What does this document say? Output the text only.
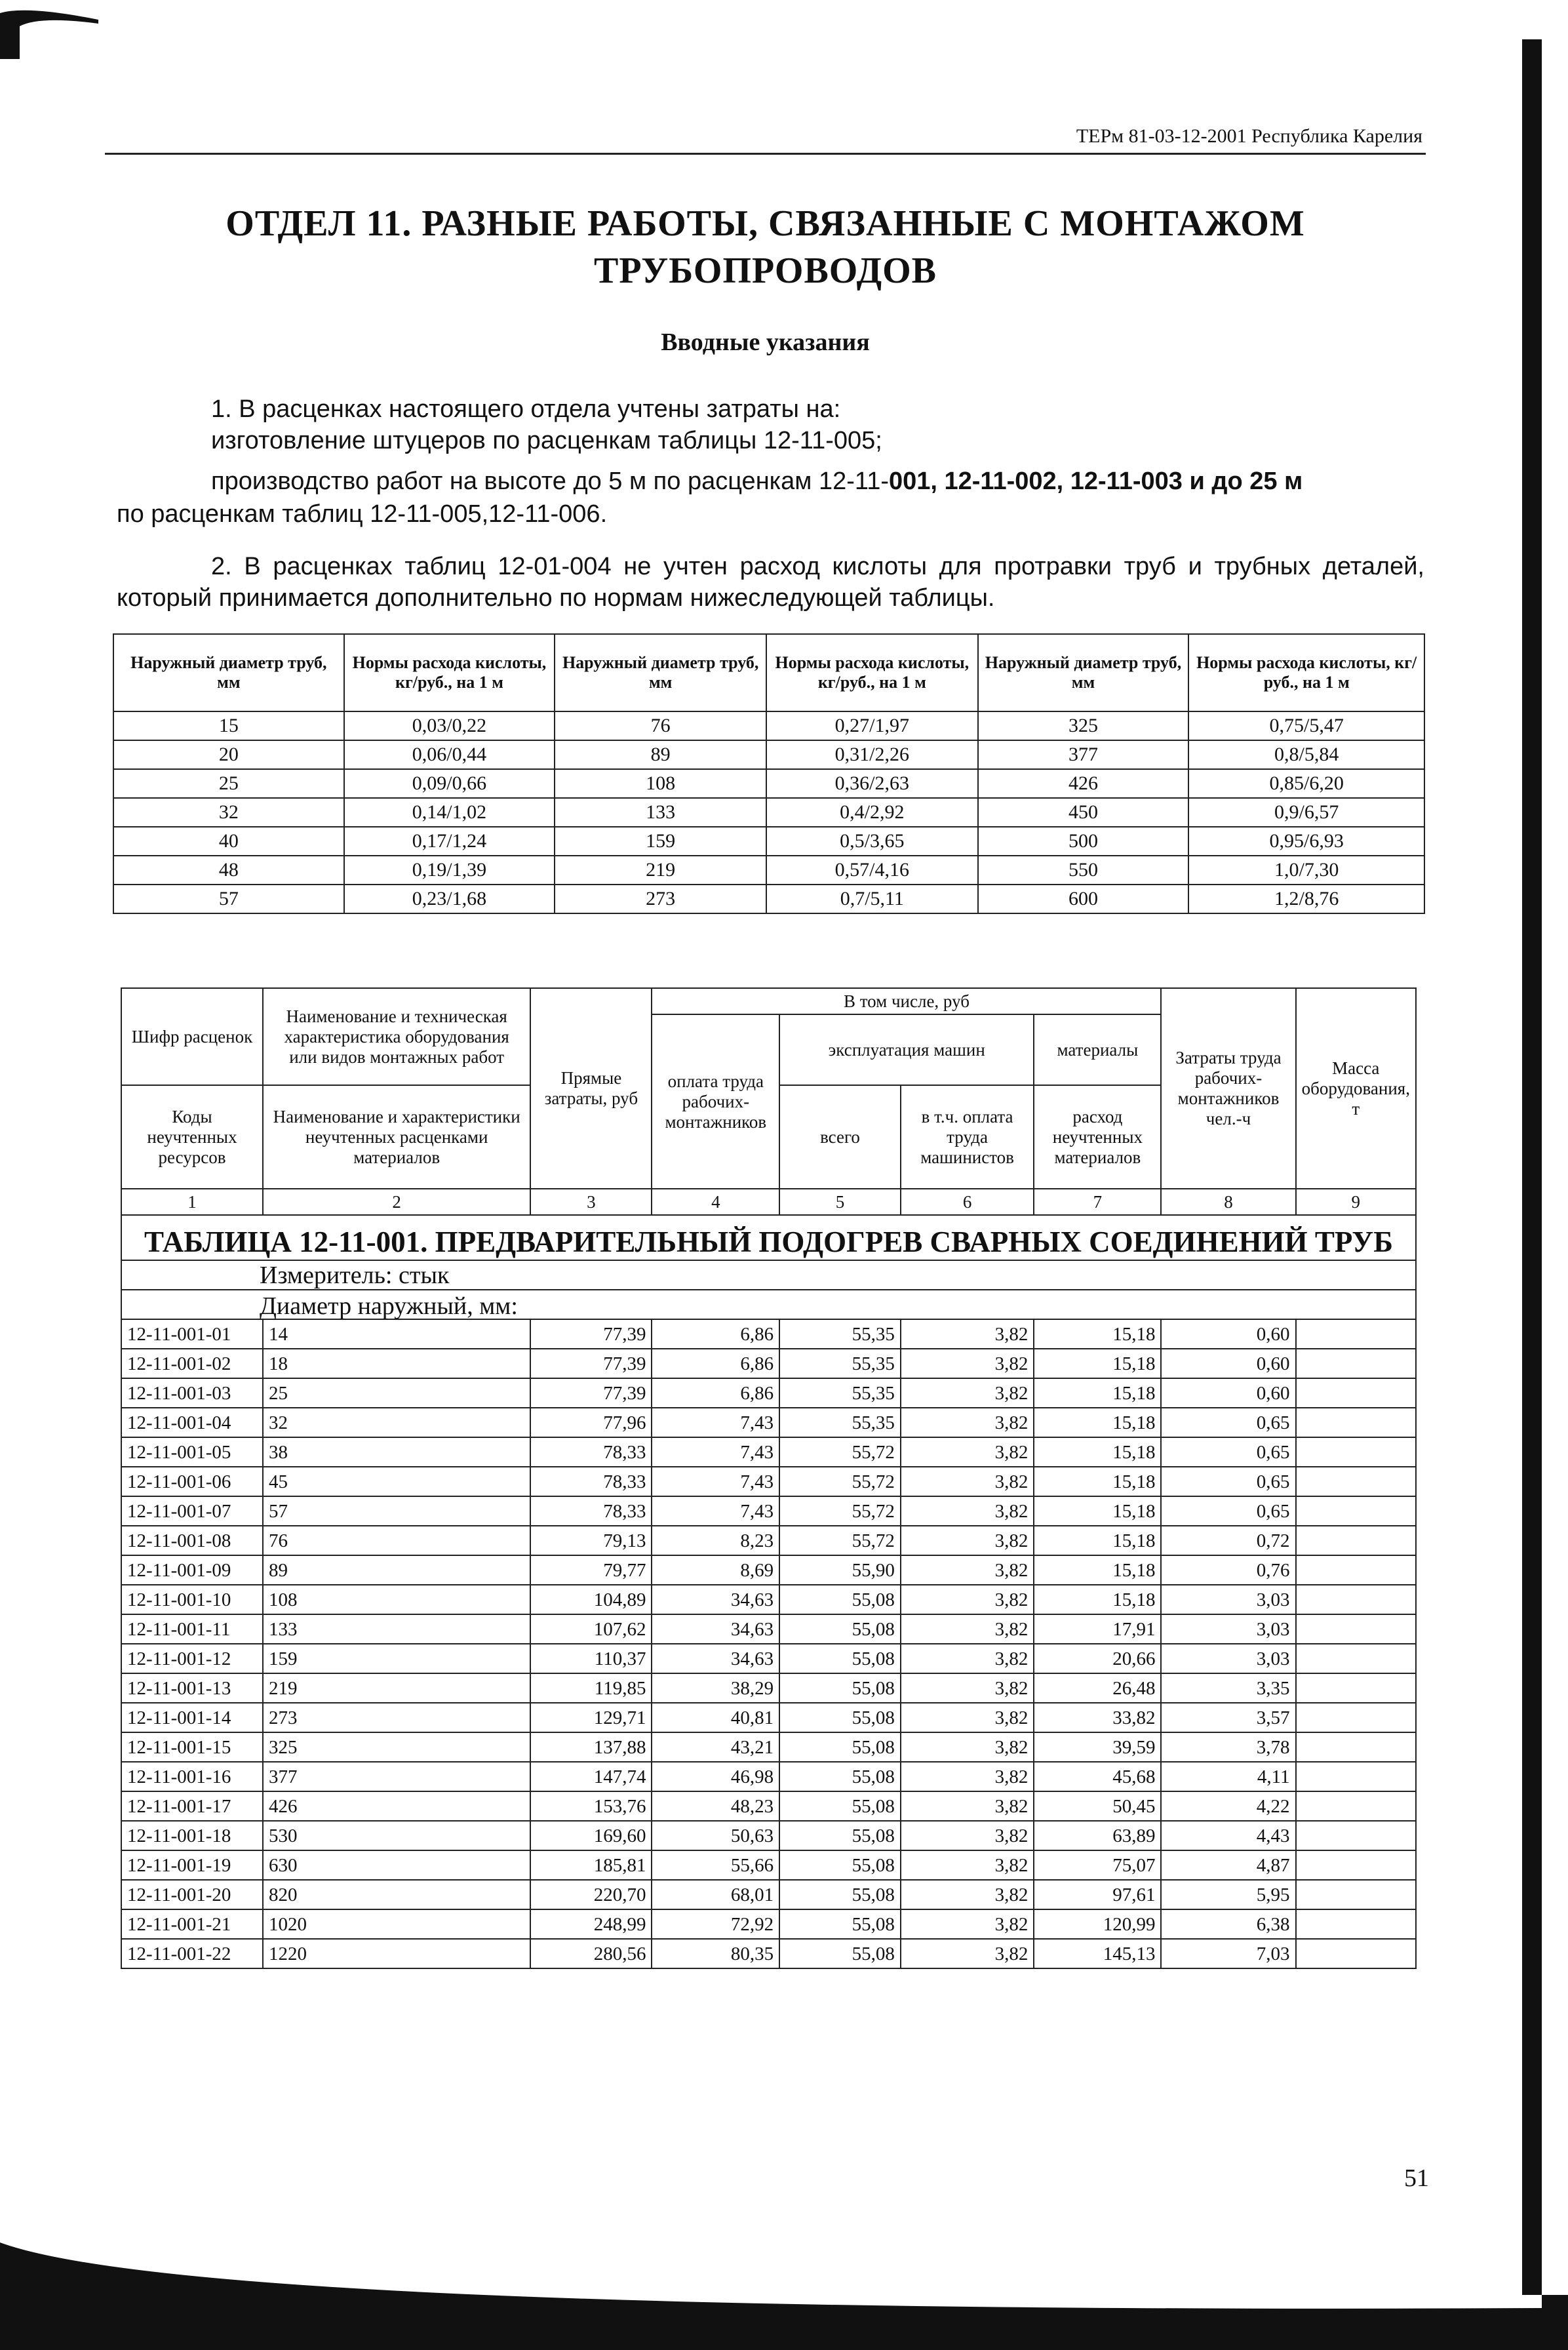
ТЕРм 81-03-12-2001 Республика Карелия
ОТДЕЛ 11. РАЗНЫЕ РАБОТЫ, СВЯЗАННЫЕ С МОНТАЖОМ
ТРУБОПРОВОДОВ
Вводные указания
1. В расценках настоящего отдела учтены затраты на:
изготовление штуцеров по расценкам таблицы 12-11-005;
производство работ на высоте до 5 м по расценкам 12-11-001, 12-11-002, 12-11-003 и до 25 м
по расценкам таблиц 12-11-005,12-11-006.
2. В расценках таблиц 12-01-004 не учтен расход кислоты для протравки труб и трубных деталей, который принимается дополнительно по нормам нижеследующей таблицы.
Наружный диаметр труб, мм	Нормы расхода кислоты, кг/руб., на 1 м	Наружный диаметр труб, мм	Нормы расхода кислоты, кг/руб., на 1 м	Наружный диаметр труб, мм	Нормы расхода кислоты, кг/руб., на 1 м
15	0,03/0,22	76	0,27/1,97	325	0,75/5,47
20	0,06/0,44	89	0,31/2,26	377	0,8/5,84
25	0,09/0,66	108	0,36/2,63	426	0,85/6,20
32	0,14/1,02	133	0,4/2,92	450	0,9/6,57
40	0,17/1,24	159	0,5/3,65	500	0,95/6,93
48	0,19/1,39	219	0,57/4,16	550	1,0/7,30
57	0,23/1,68	273	0,7/5,11	600	1,2/8,76
Шифр расценок	Наименование и техническая характеристика оборудования или видов монтажных работ	Прямые затраты, руб	В том числе, руб				Затраты труда рабочих-монтажников чел.-ч	Масса оборудования, т
			оплата труда рабочих-монтажников	эксплуатация машин		материалы		
Коды неучтенных ресурсов	Наименование и характеристики неучтенных расценками материалов			всего	в т.ч. оплата труда машинистов	расход неучтенных материалов		

1	2	3	4	5	6	7	8	9
ТАБЛИЦА 12-11-001. ПРЕДВАРИТЕЛЬНЫЙ ПОДОГРЕВ СВАРНЫХ СОЕДИНЕНИЙ ТРУБ								
Измеритель: стык								
Диаметр наружный, мм:								
12-11-001-01	14	77,39	6,86	55,35	3,82	15,18	0,60	
12-11-001-02	18	77,39	6,86	55,35	3,82	15,18	0,60	
12-11-001-03	25	77,39	6,86	55,35	3,82	15,18	0,60	
12-11-001-04	32	77,96	7,43	55,35	3,82	15,18	0,65	
12-11-001-05	38	78,33	7,43	55,72	3,82	15,18	0,65	
12-11-001-06	45	78,33	7,43	55,72	3,82	15,18	0,65	
12-11-001-07	57	78,33	7,43	55,72	3,82	15,18	0,65	
12-11-001-08	76	79,13	8,23	55,72	3,82	15,18	0,72	
12-11-001-09	89	79,77	8,69	55,90	3,82	15,18	0,76	
12-11-001-10	108	104,89	34,63	55,08	3,82	15,18	3,03	
12-11-001-11	133	107,62	34,63	55,08	3,82	17,91	3,03	
12-11-001-12	159	110,37	34,63	55,08	3,82	20,66	3,03	
12-11-001-13	219	119,85	38,29	55,08	3,82	26,48	3,35	
12-11-001-14	273	129,71	40,81	55,08	3,82	33,82	3,57	
12-11-001-15	325	137,88	43,21	55,08	3,82	39,59	3,78	
12-11-001-16	377	147,74	46,98	55,08	3,82	45,68	4,11	
12-11-001-17	426	153,76	48,23	55,08	3,82	50,45	4,22	
12-11-001-18	530	169,60	50,63	55,08	3,82	63,89	4,43	
12-11-001-19	630	185,81	55,66	55,08	3,82	75,07	4,87	
12-11-001-20	820	220,70	68,01	55,08	3,82	97,61	5,95	
12-11-001-21	1020	248,99	72,92	55,08	3,82	120,99	6,38	
12-11-001-22	1220	280,56	80,35	55,08	3,82	145,13	7,03	
51
